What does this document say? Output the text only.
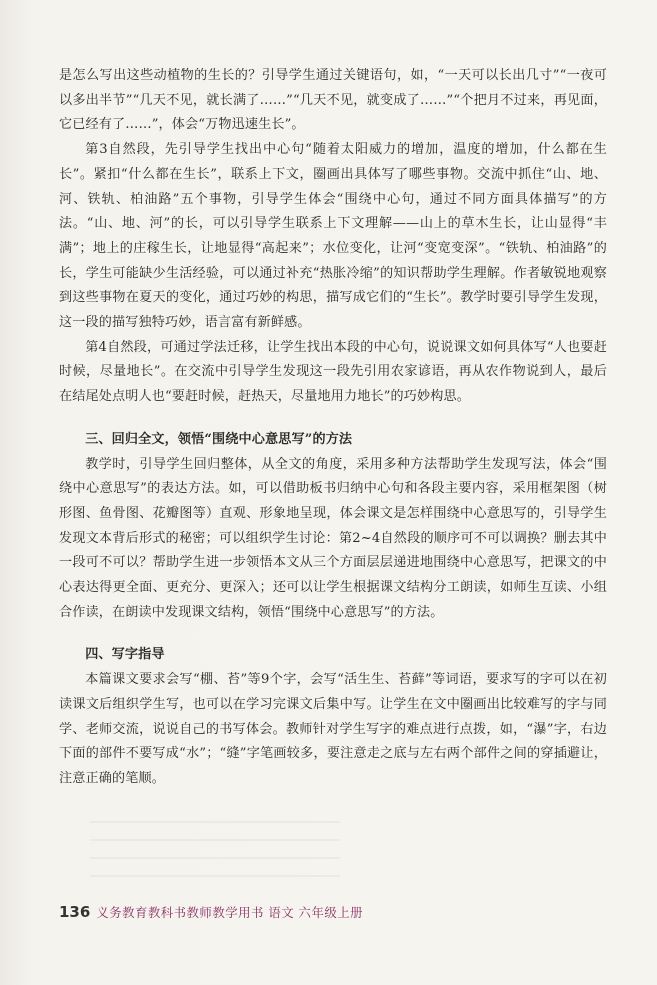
是怎么写出这些动植物的生长的？引导学生通过关键语句，如，“一天可以长出几寸”“一夜可以多出半节”“几天不见，就长满了……”“几天不见，就变成了……”“个把月不过来，再见面，它已经有了……”，体会“万物迅速生长”。

第3自然段，先引导学生找出中心句“随着太阳威力的增加，温度的增加，什么都在生长”。紧扣“什么都在生长”，联系上下文，圈画出具体写了哪些事物。交流中抓住“山、地、河、铁轨、柏油路”五个事物，引导学生体会“围绕中心句，通过不同方面具体描写”的方法。“山、地、河”的长，可以引导学生联系上下文理解——山上的草木生长，让山显得“丰满”；地上的庄稼生长，让地显得“高起来”；水位变化，让河“变宽变深”。“铁轨、柏油路”的长，学生可能缺少生活经验，可以通过补充“热胀冷缩”的知识帮助学生理解。作者敏锐地观察到这些事物在夏天的变化，通过巧妙的构思，描写成它们的“生长”。教学时要引导学生发现，这一段的描写独特巧妙，语言富有新鲜感。

第4自然段，可通过学法迁移，让学生找出本段的中心句，说说课文如何具体写“人也要赶时候，尽量地长”。在交流中引导学生发现这一段先引用农家谚语，再从农作物说到人，最后在结尾处点明人也“要赶时候，赶热天，尽量地用力地长”的巧妙构思。

三、回归全文，领悟“围绕中心意思写”的方法

教学时，引导学生回归整体，从全文的角度，采用多种方法帮助学生发现写法，体会“围绕中心意思写”的表达方法。如，可以借助板书归纳中心句和各段主要内容，采用框架图（树形图、鱼骨图、花瓣图等）直观、形象地呈现，体会课文是怎样围绕中心意思写的，引导学生发现文本背后形式的秘密；可以组织学生讨论：第2~4自然段的顺序可不可以调换？删去其中一段可不可以？帮助学生进一步领悟本文从三个方面层层递进地围绕中心意思写，把课文的中心表达得更全面、更充分、更深入；还可以让学生根据课文结构分工朗读，如师生互读、小组合作读，在朗读中发现课文结构，领悟“围绕中心意思写”的方法。

四、写字指导

本篇课文要求会写“棚、苔”等9个字，会写“活生生、苔藓”等词语，要求写的字可以在初读课文后组织学生写，也可以在学习完课文后集中写。让学生在文中圈画出比较难写的字与同学、老师交流，说说自己的书写体会。教师针对学生写字的难点进行点拨，如，“瀑”字，右边下面的部件不要写成“水”；“缝”字笔画较多，要注意走之底与左右两个部件之间的穿插避让，注意正确的笔顺。

136 义务教育教科书教师教学用书 语文 六年级上册
